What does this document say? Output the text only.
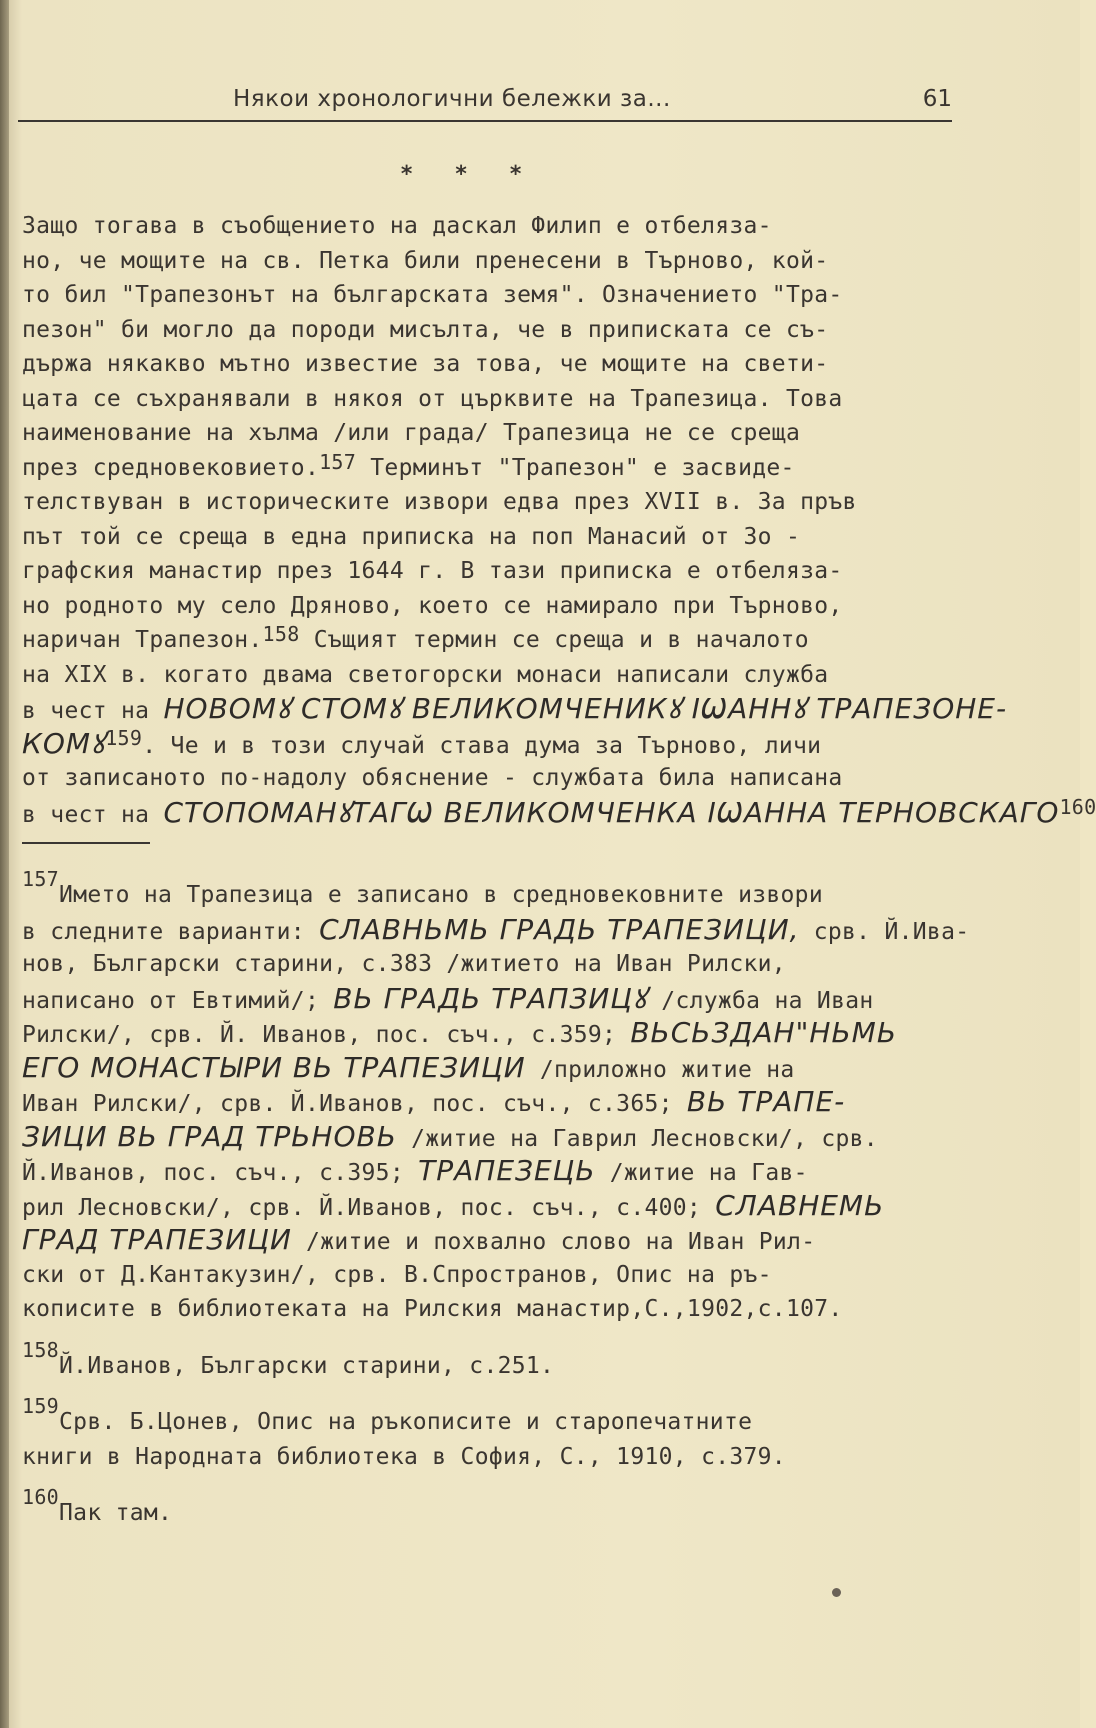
Някои хронологични бележки за...	61
* * *
Защо тогава в съобщението на даскал Филип е отбеляза-
но, че мощите на св. Петка били пренесени в Търново, кой-
то бил "Трапезонът на българската земя". Означението "Тра-
пезон" би могло да породи мисълта, че в приписката се съ-
държа някакво мътно известие за това, че мощите на свети-
цата се съхранявали в някоя от църквите на Трапезица. Това
наименование на хълма /или града/ Трапезица не се среща
през средновековието.$^{157}$ Терминът "Трапезон" е засвиде-
телствуван в историческите извори едва през XVII в. За пръв
път той се среща в една приписка на поп Манасий от Зо -
графския манастир през 1644 г. В тази приписка е отбеляза-
но родното му село Дряново, което се намирало при Търново,
наричан Трапезон.$^{158}$ Същият термин се среща и в началото
на XIX в. когато двама светогорски монаси написали служба
в чест на НОВОМꙋ СТОМꙋ ВЕЛИКОМЧЕНИКꙋ ІѠАННꙋ ТРАПЕЗОНЕ-
КОМꙋ$^{159}$. Че и в този случай става дума за Търново, личи
от записаното по-надолу обяснение - службата била написана
в чест на СТОПОМАНꙋТАГѠ ВЕЛИКОМЧЕНКА ІѠАННА ТЕРНОВСКАГО$^{160}$
157Името на Трапезица е записано в средновековните извори
в следните варианти: СЛАВНЬМЬ ГРАДЬ ТРАПЕЗИЦИ, срв. Й.Ива-
нов, Български старини, с.383 /житието на Иван Рилски,
написано от Евтимий/; ВЬ ГРАДЬ ТРАПЗИЦꙋ /служба на Иван
Рилски/, срв. Й. Иванов, пос. съч., с.359; ВЬСЬЗДАН"НЬМЬ
ЕГО МОНАСТЫРИ ВЬ ТРАПЕЗИЦИ /приложно житие на
Иван Рилски/, срв. Й.Иванов, пос. съч., с.365; ВЬ ТРАПЕ-
ЗИЦИ ВЬ ГРАД ТРЬНОВЬ /житие на Гаврил Лесновски/, срв.
Й.Иванов, пос. съч., с.395; ТРАПЕЗЕЦЬ /житие на Гав-
рил Лесновски/, срв. Й.Иванов, пос. съч., с.400; СЛАВНЕМЬ
ГРАД ТРАПЕЗИЦИ /житие и похвално слово на Иван Рил-
ски от Д.Кантакузин/, срв. В.Спространов, Опис на ръ-
кописите в библиотеката на Рилския манастир,С.,1902,с.107.
158Й.Иванов, Български старини, с.251.
159Срв. Б.Цонев, Опис на ръкописите и старопечатните
книги в Народната библиотека в София, С., 1910, с.379.
160Пак там.
